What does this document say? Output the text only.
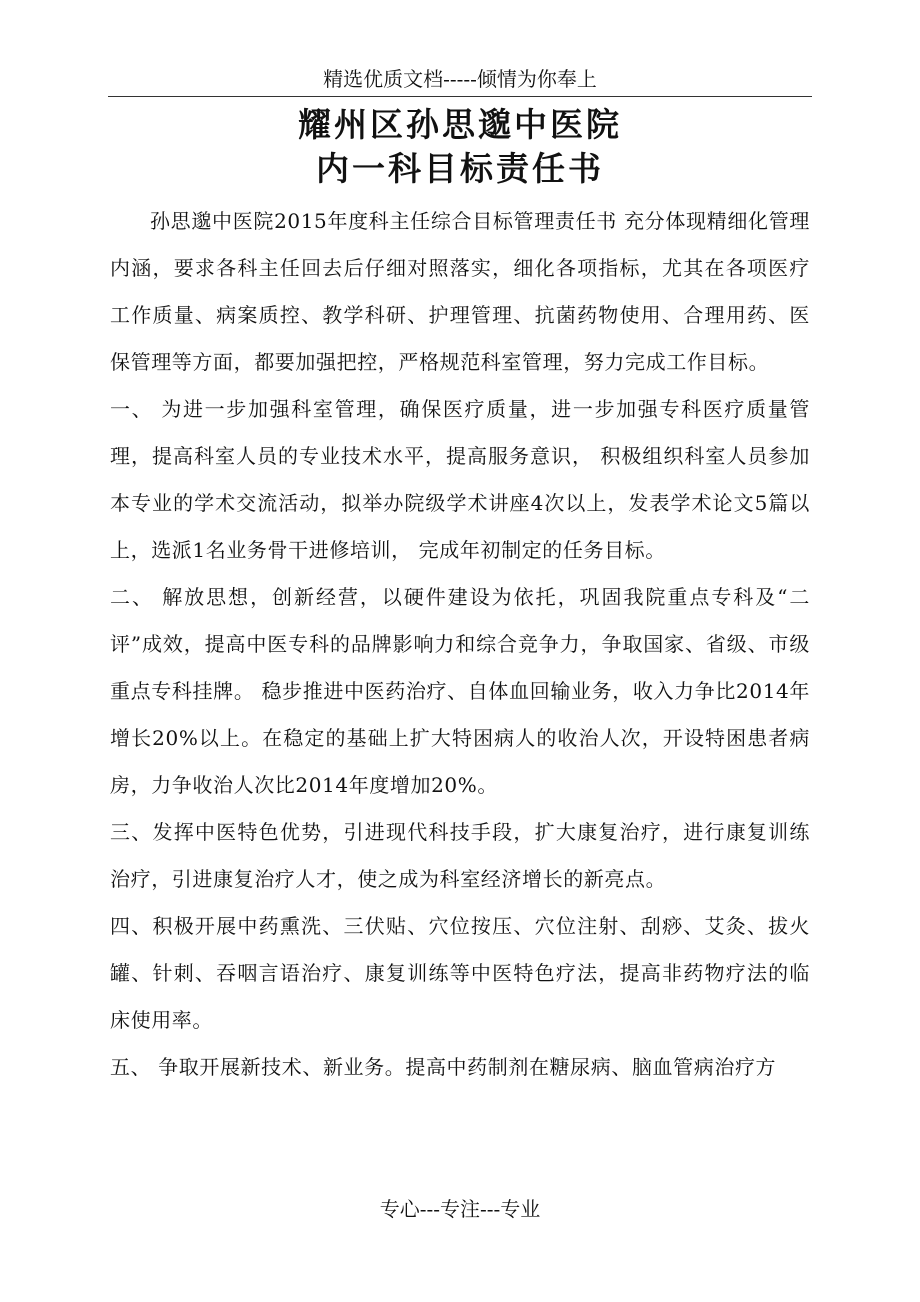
精选优质文档-----倾情为你奉上
耀州区孙思邈中医院
内一科目标责任书

孙思邈中医院2015年度科主任综合目标管理责任书 充分体现精细化管理内涵，要求各科主任回去后仔细对照落实，细化各项指标，尤其在各项医疗工作质量、病案质控、教学科研、护理管理、抗菌药物使用、合理用药、医保管理等方面，都要加强把控，严格规范科室管理，努力完成工作目标。

一、 为进一步加强科室管理，确保医疗质量，进一步加强专科医疗质量管理，提高科室人员的专业技术水平，提高服务意识， 积极组织科室人员参加本专业的学术交流活动，拟举办院级学术讲座4次以上，发表学术论文5篇以上，选派1名业务骨干进修培训， 完成年初制定的任务目标。

二、 解放思想，创新经营，以硬件建设为依托，巩固我院重点专科及“二评”成效，提高中医专科的品牌影响力和综合竞争力，争取国家、省级、市级重点专科挂牌。 稳步推进中医药治疗、自体血回输业务，收入力争比2014年增长20%以上。在稳定的基础上扩大特困病人的收治人次，开设特困患者病房，力争收治人次比2014年度增加20%。

三、发挥中医特色优势，引进现代科技手段，扩大康复治疗，进行康复训练治疗，引进康复治疗人才，使之成为科室经济增长的新亮点。

四、积极开展中药熏洗、三伏贴、穴位按压、穴位注射、刮痧、艾灸、拔火罐、针刺、吞咽言语治疗、康复训练等中医特色疗法，提高非药物疗法的临床使用率。

五、 争取开展新技术、新业务。提高中药制剂在糖尿病、脑血管病治疗方

专心---专注---专业
